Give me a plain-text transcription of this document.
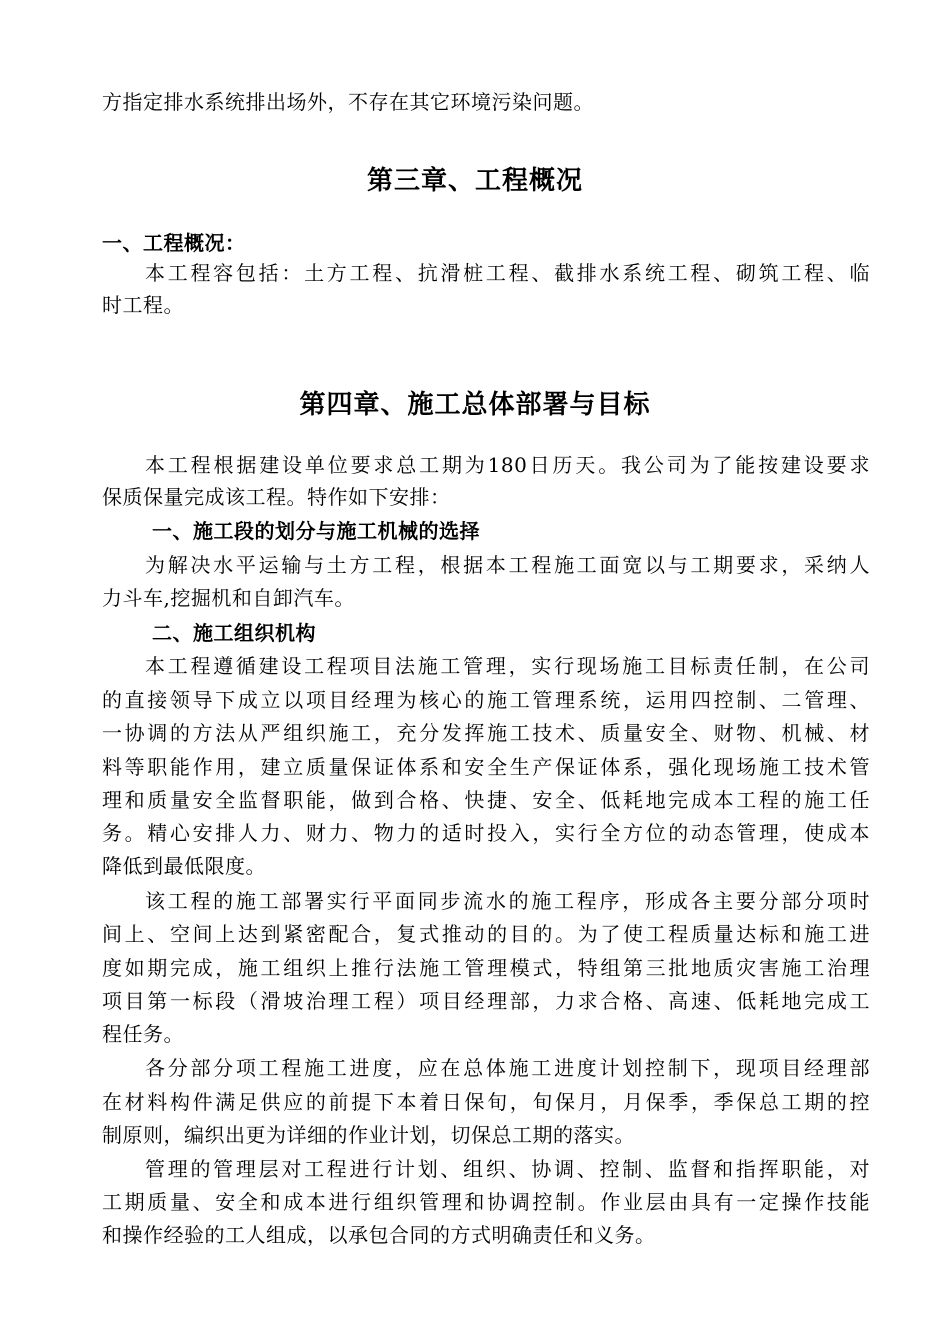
方指定排水系统排出场外，不存在其它环境污染问题。
第三章、工程概况
一、工程概况：
本工程容包括：土方工程、抗滑桩工程、截排水系统工程、砌筑工程、临
时工程。
第四章、施工总体部署与目标
本工程根据建设单位要求总工期为180日历天。我公司为了能按建设要求
保质保量完成该工程。特作如下安排：
一、施工段的划分与施工机械的选择
为解决水平运输与土方工程，根据本工程施工面宽以与工期要求，采纳人
力斗车,挖掘机和自卸汽车。
二、施工组织机构
本工程遵循建设工程项目法施工管理，实行现场施工目标责任制，在公司
的直接领导下成立以项目经理为核心的施工管理系统，运用四控制、二管理、
一协调的方法从严组织施工，充分发挥施工技术、质量安全、财物、机械、材
料等职能作用，建立质量保证体系和安全生产保证体系，强化现场施工技术管
理和质量安全监督职能，做到合格、快捷、安全、低耗地完成本工程的施工任
务。精心安排人力、财力、物力的适时投入，实行全方位的动态管理，使成本
降低到最低限度。
该工程的施工部署实行平面同步流水的施工程序，形成各主要分部分项时
间上、空间上达到紧密配合，复式推动的目的。为了使工程质量达标和施工进
度如期完成，施工组织上推行法施工管理模式，特组第三批地质灾害施工治理
项目第一标段（滑坡治理工程）项目经理部，力求合格、高速、低耗地完成工
程任务。
各分部分项工程施工进度，应在总体施工进度计划控制下，现项目经理部
在材料构件满足供应的前提下本着日保旬，旬保月，月保季，季保总工期的控
制原则，编织出更为详细的作业计划，切保总工期的落实。
管理的管理层对工程进行计划、组织、协调、控制、监督和指挥职能，对
工期质量、安全和成本进行组织管理和协调控制。作业层由具有一定操作技能
和操作经验的工人组成，以承包合同的方式明确责任和义务。
